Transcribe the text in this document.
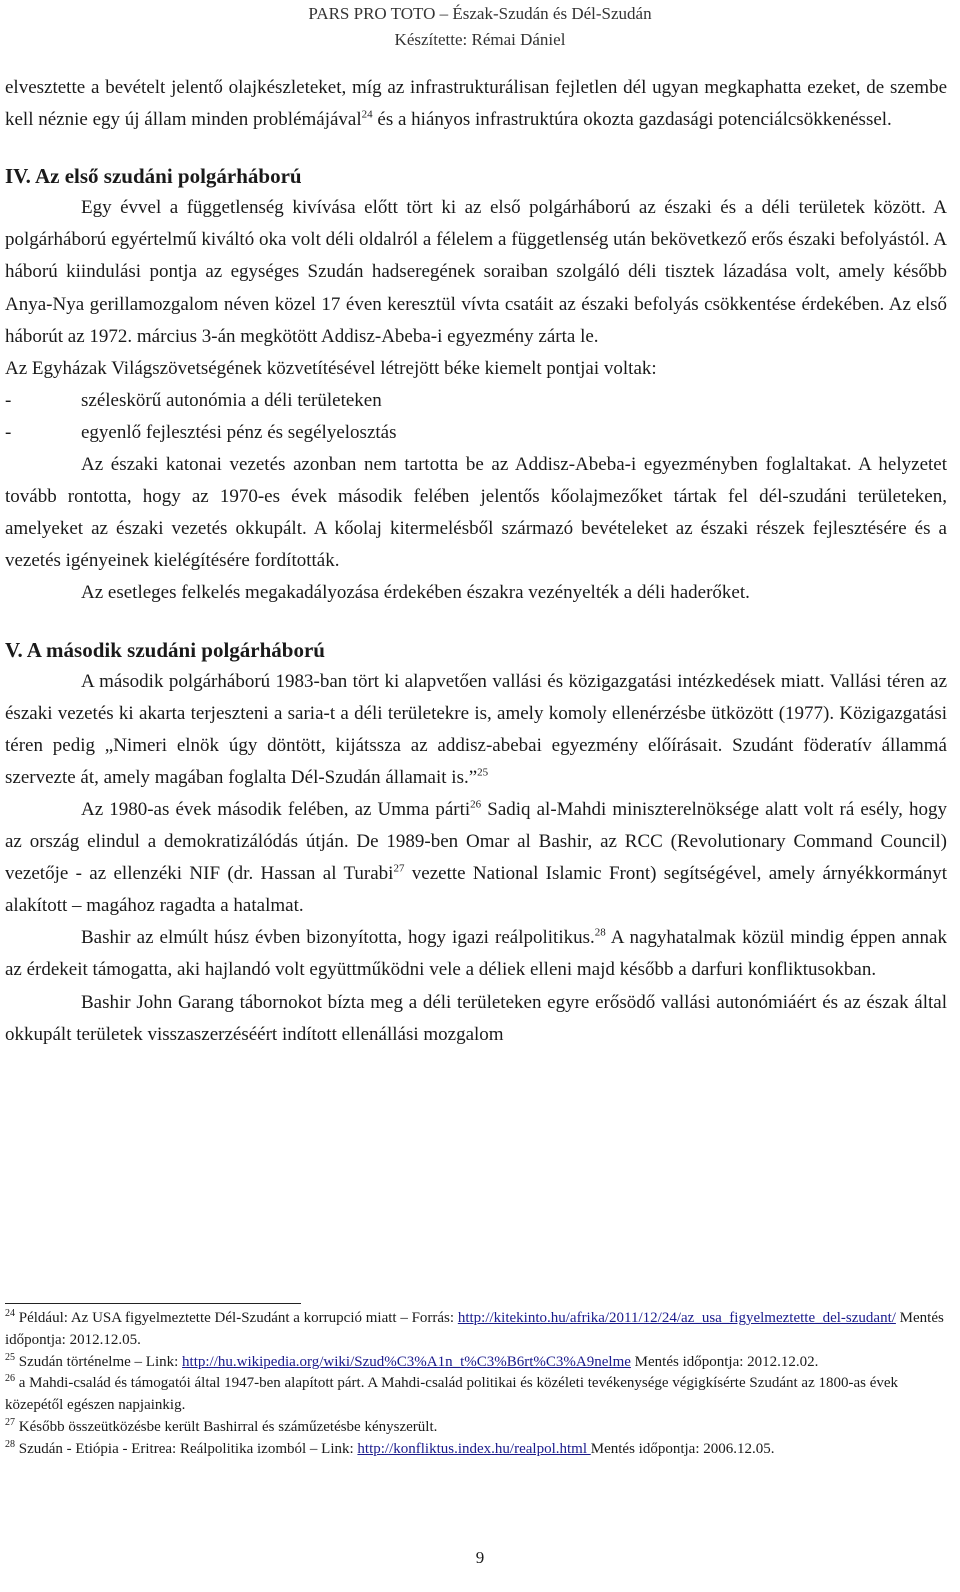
PARS PRO TOTO – Észak-Szudán és Dél-Szudán
Készítette: Rémai Dániel

elvesztette a bevételt jelentő olajkészleteket, míg az infrastrukturálisan fejletlen dél ugyan megkaphatta ezeket, de szembe kell néznie egy új állam minden problémájával$^{24}$ és a hiányos infrastruktúra okozta gazdasági potenciálcsökkenéssel.

IV. Az első szudáni polgárháború

Egy évvel a függetlenség kivívása előtt tört ki az első polgárháború az északi és a déli területek között. A polgárháború egyértelmű kiváltó oka volt déli oldalról a félelem a függetlenség után bekövetkező erős északi befolyástól. A háború kiindulási pontja az egységes Szudán hadseregének soraiban szolgáló déli tisztek lázadása volt, amely később Anya-Nya gerillamozgalom néven közel 17 éven keresztül vívta csatáit az északi befolyás csökkentése érdekében. Az első háborút az 1972. március 3-án megkötött Addisz-Abeba-i egyezmény zárta le.

Az Egyházak Világszövetségének közvetítésével létrejött béke kiemelt pontjai voltak:

-	széleskörű autonómia a déli területeken

-	egyenlő fejlesztési pénz és segélyelosztás

Az északi katonai vezetés azonban nem tartotta be az Addisz-Abeba-i egyezményben foglaltakat. A helyzetet tovább rontotta, hogy az 1970-es évek második felében jelentős kőolajmezőket tártak fel dél-szudáni területeken, amelyeket az északi vezetés okkupált. A kőolaj kitermelésből származó bevételeket az északi részek fejlesztésére és a vezetés igényeinek kielégítésére fordították.

Az esetleges felkelés megakadályozása érdekében északra vezényelték a déli haderőket.

V. A második szudáni polgárháború

A második polgárháború 1983-ban tört ki alapvetően vallási és közigazgatási intézkedések miatt. Vallási téren az északi vezetés ki akarta terjeszteni a saria-t a déli területekre is, amely komoly ellenérzésbe ütközött (1977). Közigazgatási téren pedig „Nimeri elnök úgy döntött, kijátssza az addisz-abebai egyezmény előírásait. Szudánt föderatív állammá szervezte át, amely magában foglalta Dél-Szudán államait is.”$^{25}$

Az 1980-as évek második felében, az Umma párti$^{26}$ Sadiq al-Mahdi miniszterelnöksége alatt volt rá esély, hogy az ország elindul a demokratizálódás útján. De 1989-ben Omar al Bashir, az RCC (Revolutionary Command Council) vezetője - az ellenzéki NIF (dr. Hassan al Turabi$^{27}$ vezette National Islamic Front) segítségével, amely árnyékkormányt alakított – magához ragadta a hatalmat.

Bashir az elmúlt húsz évben bizonyította, hogy igazi reálpolitikus.$^{28}$ A nagyhatalmak közül mindig éppen annak az érdekeit támogatta, aki hajlandó volt együttműködni vele a déliek elleni majd később a darfuri konfliktusokban.

Bashir John Garang tábornokot bízta meg a déli területeken egyre erősödő vallási autonómiáért és az észak által okkupált területek visszaszerzéséért indított ellenállási mozgalom

$^{24}$ Például: Az USA figyelmeztette Dél-Szudánt a korrupció miatt – Forrás: http://kitekinto.hu/afrika/2011/12/24/az_usa_figyelmeztette_del-szudant/ Mentés időpontja: 2012.12.05.

$^{25}$ Szudán történelme – Link: http://hu.wikipedia.org/wiki/Szud%C3%A1n_t%C3%B6rt%C3%A9nelme Mentés időpontja: 2012.12.02.

$^{26}$ a Mahdi-család és támogatói által 1947-ben alapított párt. A Mahdi-család politikai és közéleti tevékenysége végigkísérte Szudánt az 1800-as évek közepétől egészen napjainkig.

$^{27}$ Később összeütközésbe került Bashirral és száműzetésbe kényszerült.

$^{28}$ Szudán - Etiópia - Eritrea: Reálpolitika izomból – Link: http://konfliktus.index.hu/realpol.html Mentés időpontja: 2006.12.05.

9
